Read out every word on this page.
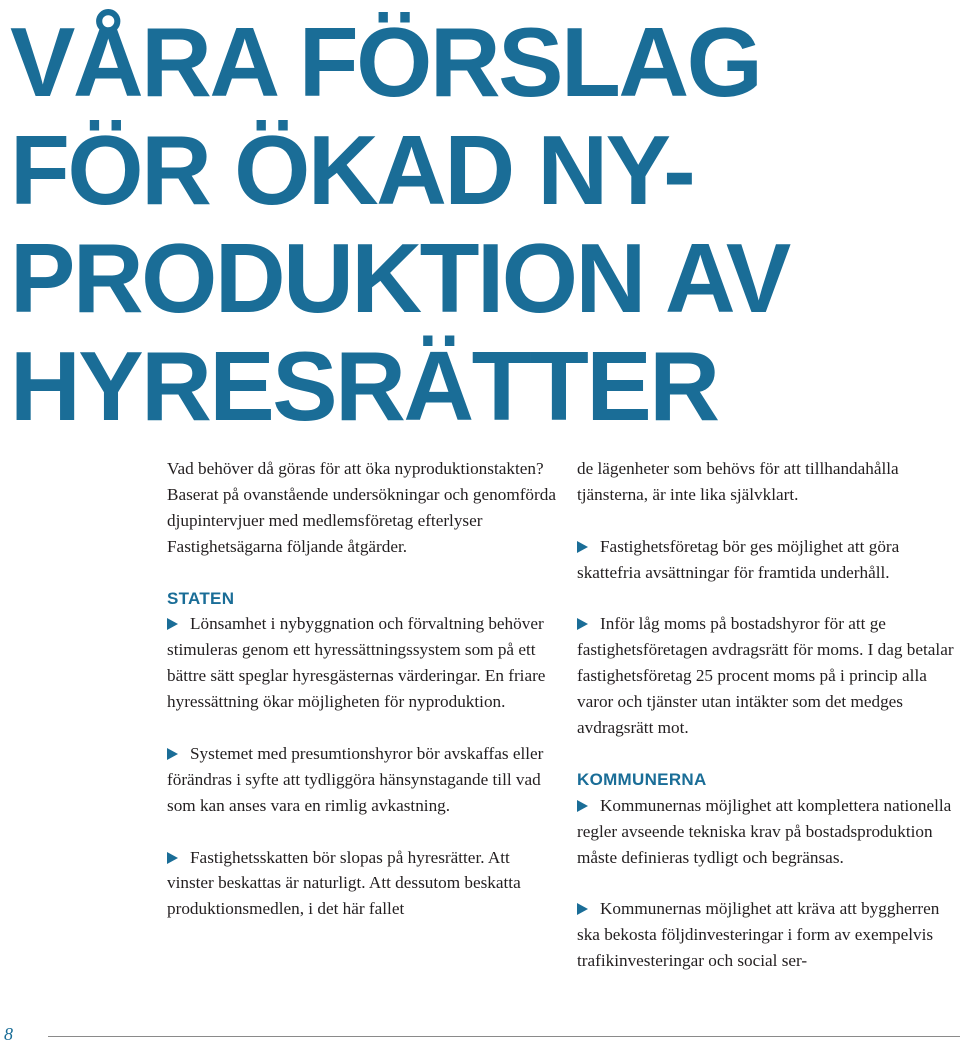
VÅRA FÖRSLAG
FÖR ÖKAD NY-
PRODUKTION AV
HYRESRÄTTER

Vad behöver då göras för att öka nyproduktionstakten? Baserat på ovanstående undersökningar och genomförda djupintervjuer med medlemsföretag efterlyser Fastighetsägarna följande åtgärder.

STATEN

Lönsamhet i nybyggnation och förvaltning behöver stimuleras genom ett hyressättningssystem som på ett bättre sätt speglar hyresgästernas värderingar. En friare hyressättning ökar möjligheten för nyproduktion.

Systemet med presumtionshyror bör avskaffas eller förändras i syfte att tydliggöra hänsynstagande till vad som kan anses vara en rimlig avkastning.

Fastighetsskatten bör slopas på hyresrätter. Att vinster beskattas är naturligt. Att dessutom beskatta produktionsmedlen, i det här fallet

de lägenheter som behövs för att tillhandahålla tjänsterna, är inte lika självklart.

Fastighetsföretag bör ges möjlighet att göra skattefria avsättningar för framtida underhåll.

Inför låg moms på bostadshyror för att ge fastighetsföretagen avdragsrätt för moms. I dag betalar fastighetsföretag 25 procent moms på i princip alla varor och tjänster utan intäkter som det medges avdragsrätt mot.

KOMMUNERNA

Kommunernas möjlighet att komplettera nationella regler avseende tekniska krav på bostadsproduktion måste definieras tydligt och begränsas.

Kommunernas möjlighet att kräva att byggherren ska bekosta följdinvesteringar i form av exempelvis trafikinvesteringar och social ser-

8
